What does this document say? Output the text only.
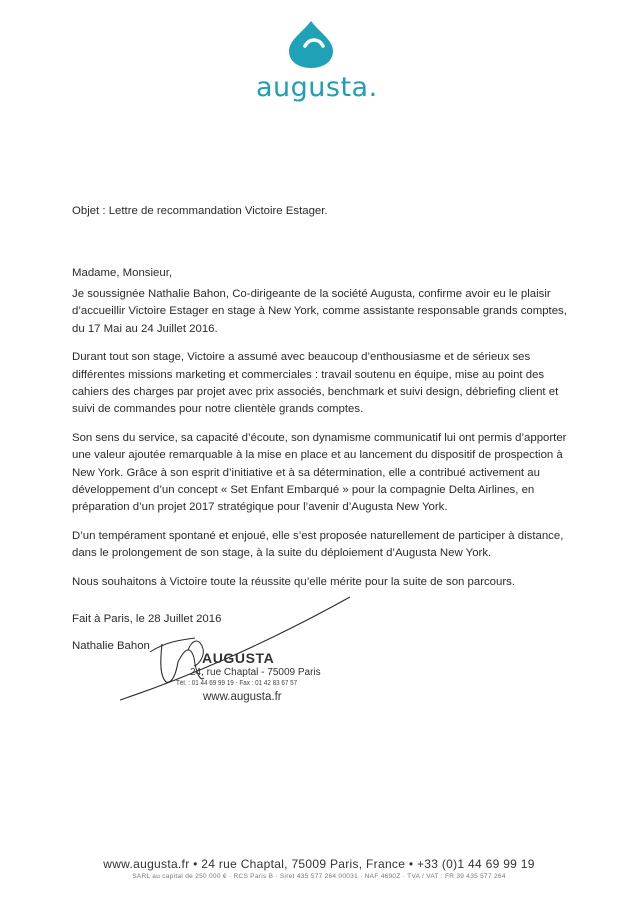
augusta.
Objet : Lettre de recommandation Victoire Estager.
Madame, Monsieur,

Je soussignée Nathalie Bahon, Co-dirigeante de la société Augusta, confirme avoir eu le plaisir d’accueillir Victoire Estager en stage à New York, comme assistante responsable grands comptes, du 17 Mai au 24 Juillet 2016.

Durant tout son stage, Victoire a assumé avec beaucoup d’enthousiasme et de sérieux ses différentes missions marketing et commerciales : travail soutenu en équipe, mise au point des cahiers des charges par projet avec prix associés, benchmark et suivi design, débriefing client et suivi de commandes pour notre clientèle grands comptes.

Son sens du service, sa capacité d’écoute, son dynamisme communicatif lui ont permis d’apporter une valeur ajoutée remarquable à la mise en place et au lancement du dispositif de prospection à New York. Grâce à son esprit d’initiative et à sa détermination, elle a contribué activement au développement d’un concept « Set Enfant Embarqué » pour la compagnie Delta Airlines, en préparation d’un projet 2017 stratégique pour l’avenir d’Augusta New York.

D’un tempérament spontané et enjoué, elle s’est proposée naturellement de participer à distance, dans le prolongement de son stage, à la suite du déploiement d’Augusta New York.

Nous souhaitons à Victoire toute la réussite qu’elle mérite pour la suite de son parcours.

Fait à Paris, le 28 Juillet 2016
Nathalie Bahon
AUGUSTA
24, rue Chaptal - 75009 Paris
Tél. : 01 44 69 99 19 - Fax : 01 42 83 67 57
www.augusta.fr
www.augusta.fr • 24 rue Chaptal, 75009 Paris, France • +33 (0)1 44 69 99 19
SARL au capital de 250 000 € · RCS Paris B · Siret 435 577 264 00031 · NAF 4690Z · TVA / VAT : FR 39 435 577 264
